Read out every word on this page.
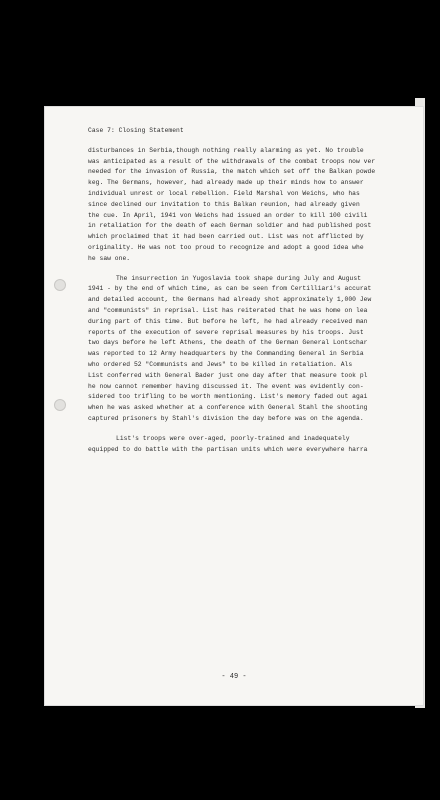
- 49 -
Case 7: Closing Statement
disturbances in Serbia,though nothing really alarming as yet. No trouble
was anticipated as a result of the withdrawals of the combat troops now ver
needed for the invasion of Russia, the match which set off the Balkan powde
keg. The Germans, however, had already made up their minds how to answer
individual unrest or local rebellion. Field Marshal von Weichs, who has
since declined our invitation to this Balkan reunion, had already given
the cue. In April, 1941 von Weichs had issued an order to kill 100 civili
in retaliation for the death of each German soldier and had published post
which proclaimed that it had been carried out. List was not afflicted by
originality. He was not too proud to recognize and adopt a good idea whe
he saw one.
The insurrection in Yugoslavia took shape during July and August
1941 - by the end of which time, as can be seen from Certilliari's accurat
and detailed account, the Germans had already shot approximately 1,000 Jew
and "communists" in reprisal. List has reiterated that he was home on lea
during part of this time. But before he left, he had already received man
reports of the execution of severe reprisal measures by his troops. Just
two days before he left Athens, the death of the German General Lontschar
was reported to 12 Army headquarters by the Commanding General in Serbia
who ordered 52 "Communists and Jews" to be killed in retaliation. Als
List conferred with General Bader just one day after that measure took pl
he now cannot remember having discussed it. The event was evidently con-
sidered too trifling to be worth mentioning. List's memory faded out agai
when he was asked whether at a conference with General Stahl the shooting
captured prisoners by Stahl's division the day before was on the agenda.
List's troops were over-aged, poorly-trained and inadequately
equipped to do battle with the partisan units which were everywhere harra
